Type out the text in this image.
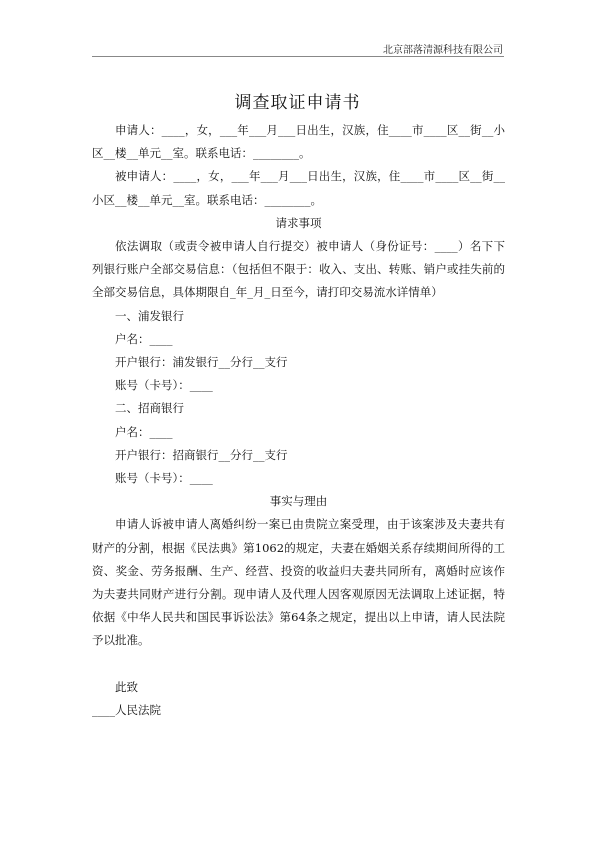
北京部落清源科技有限公司
调查取证申请书

申请人：____，女，___年___月___日出生，汉族，住____市____区__街__小区__楼__单元__室。联系电话：________。

被申请人：____，女，___年___月___日出生，汉族，住____市____区__街__小区__楼__单元__室。联系电话：________。

请求事项

依法调取（或责令被申请人自行提交）被申请人（身份证号：____）名下下列银行账户全部交易信息：（包括但不限于：收入、支出、转账、销户或挂失前的全部交易信息，具体期限自_年_月_日至今，请打印交易流水详情单）

一、浦发银行

户名：____

开户银行：浦发银行__分行__支行

账号（卡号）：____

二、招商银行

户名：____

开户银行：招商银行__分行__支行

账号（卡号）：____

事实与理由

申请人诉被申请人离婚纠纷一案已由贵院立案受理，由于该案涉及夫妻共有财产的分割，根据《民法典》第1062的规定，夫妻在婚姻关系存续期间所得的工资、奖金、劳务报酬、生产、经营、投资的收益归夫妻共同所有，离婚时应该作为夫妻共同财产进行分割。现申请人及代理人因客观原因无法调取上述证据，特依据《中华人民共和国民事诉讼法》第64条之规定，提出以上申请，请人民法院予以批准。

此致

____人民法院
